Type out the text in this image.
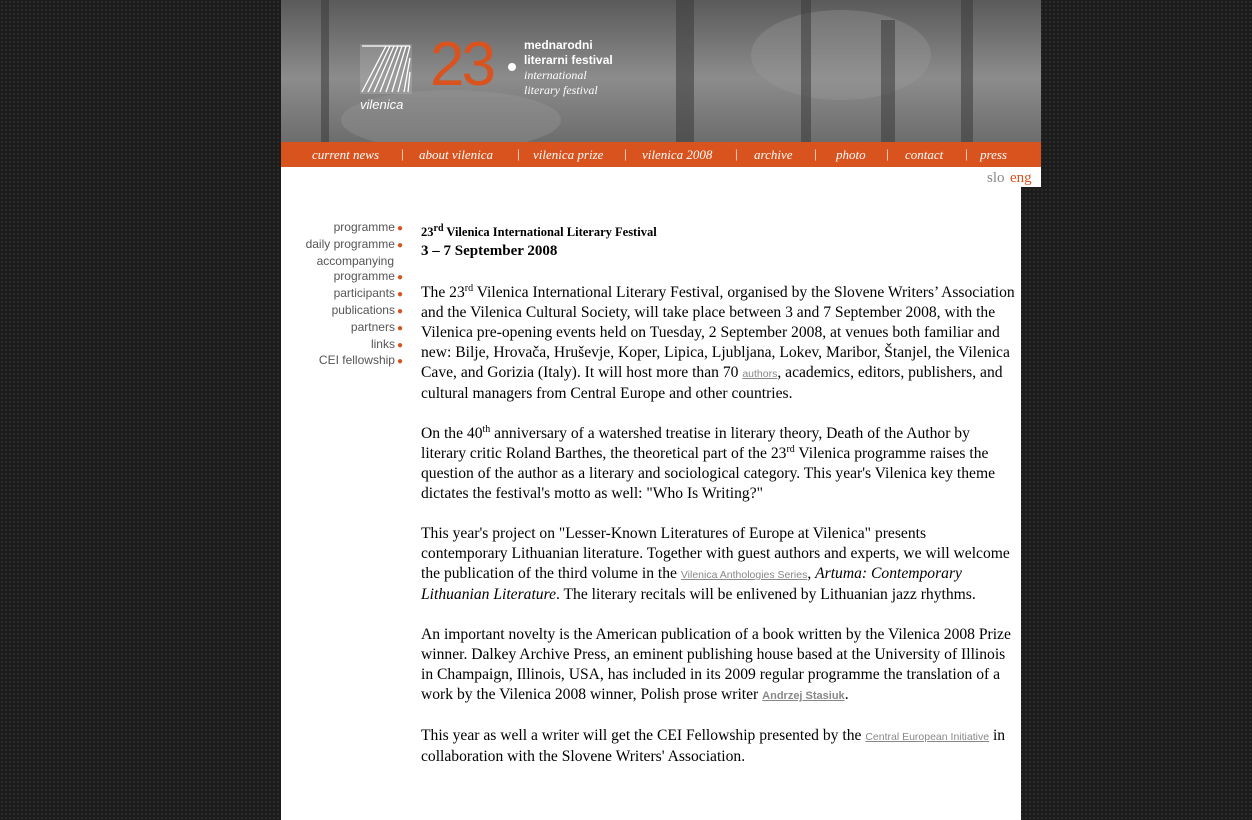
vilenica
23	mednarodni
literarni festival
international
literary festival
current news | about vilenica | vilenica prize | vilenica 2008 | archive | photo | contact | press
slo eng
programme ●
daily programme ●
accompanying
programme ●
participants ●
publications ●
partners ●
links ●
CEI fellowship ●
23rd Vilenica International Literary Festival
3 – 7 September 2008

The 23rd Vilenica International Literary Festival, organised by the Slovene Writers’ Association and the Vilenica Cultural Society, will take place between 3 and 7 September 2008, with the Vilenica pre-opening events held on Tuesday, 2 September 2008, at venues both familiar and new: Bilje, Hrovača, Hruševje, Koper, Lipica, Ljubljana, Lokev, Maribor, Štanjel, the Vilenica Cave, and Gorizia (Italy). It will host more than 70 authors, academics, editors, publishers, and cultural managers from Central Europe and other countries.

On the 40th anniversary of a watershed treatise in literary theory, Death of the Author by literary critic Roland Barthes, the theoretical part of the 23rd Vilenica programme raises the question of the author as a literary and sociological category. This year's Vilenica key theme dictates the festival's motto as well: "Who Is Writing?"

This year's project on "Lesser-Known Literatures of Europe at Vilenica" presents contemporary Lithuanian literature. Together with guest authors and experts, we will welcome the publication of the third volume in the Vilenica Anthologies Series, Artuma: Contemporary Lithuanian Literature. The literary recitals will be enlivened by Lithuanian jazz rhythms.

An important novelty is the American publication of a book written by the Vilenica 2008 Prize winner. Dalkey Archive Press, an eminent publishing house based at the University of Illinois in Champaign, Illinois, USA, has included in its 2009 regular programme the translation of a work by the Vilenica 2008 winner, Polish prose writer Andrzej Stasiuk.

This year as well a writer will get the CEI Fellowship presented by the Central European Initiative in collaboration with the Slovene Writers' Association.
